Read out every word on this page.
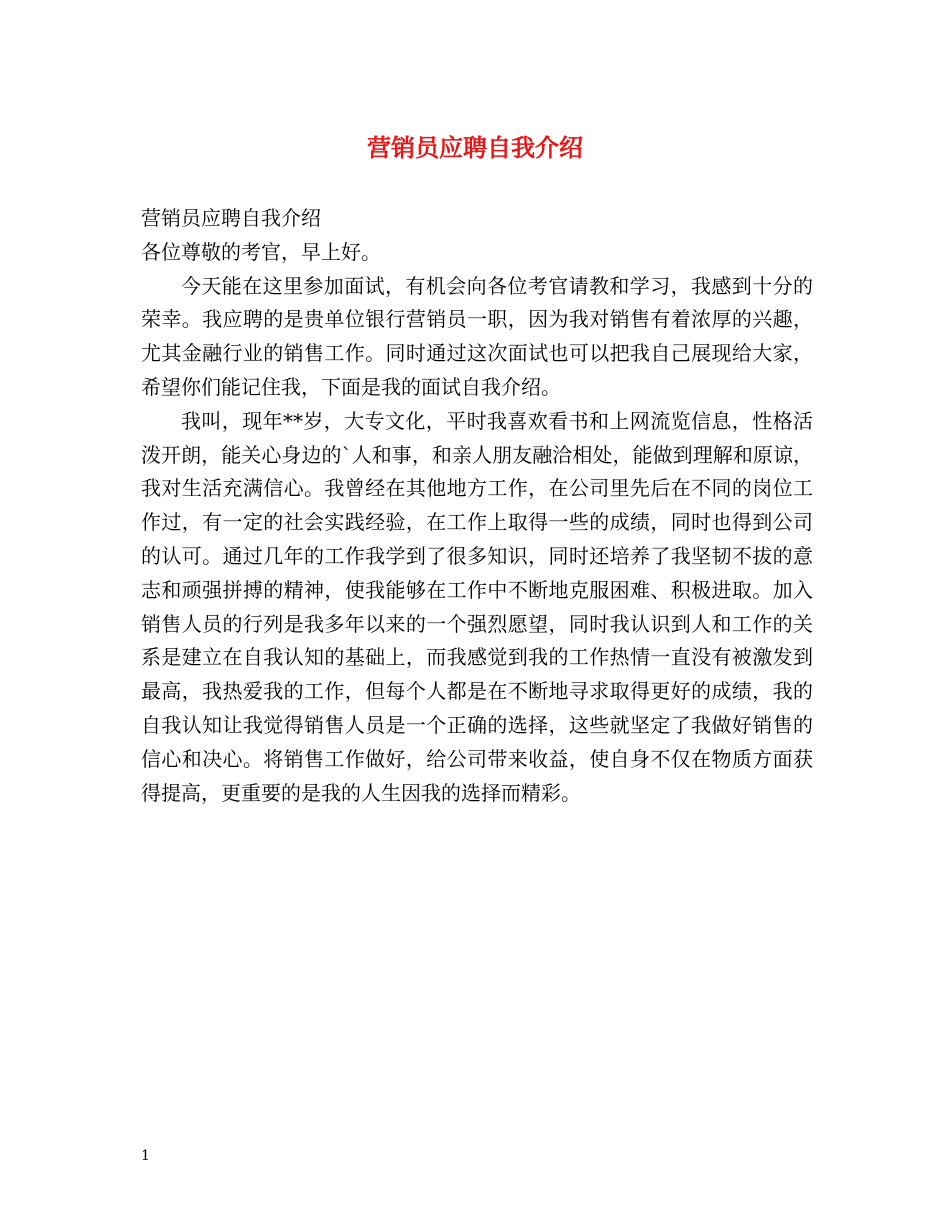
营销员应聘自我介绍

营销员应聘自我介绍

各位尊敬的考官，早上好。

今天能在这里参加面试，有机会向各位考官请教和学习，我感到十分的荣幸。我应聘的是贵单位银行营销员一职，因为我对销售有着浓厚的兴趣，尤其金融行业的销售工作。同时通过这次面试也可以把我自己展现给大家，希望你们能记住我，下面是我的面试自我介绍。

我叫，现年**岁，大专文化，平时我喜欢看书和上网流览信息，性格活泼开朗，能关心身边的`人和事，和亲人朋友融洽相处，能做到理解和原谅，我对生活充满信心。我曾经在其他地方工作，在公司里先后在不同的岗位工作过，有一定的社会实践经验，在工作上取得一些的成绩，同时也得到公司的认可。通过几年的工作我学到了很多知识，同时还培养了我坚韧不拔的意志和顽强拼搏的精神，使我能够在工作中不断地克服困难、积极进取。加入销售人员的行列是我多年以来的一个强烈愿望，同时我认识到人和工作的关系是建立在自我认知的基础上，而我感觉到我的工作热情一直没有被激发到最高，我热爱我的工作，但每个人都是在不断地寻求取得更好的成绩，我的自我认知让我觉得销售人员是一个正确的选择，这些就坚定了我做好销售的信心和决心。将销售工作做好，给公司带来收益，使自身不仅在物质方面获得提高，更重要的是我的人生因我的选择而精彩。

1
